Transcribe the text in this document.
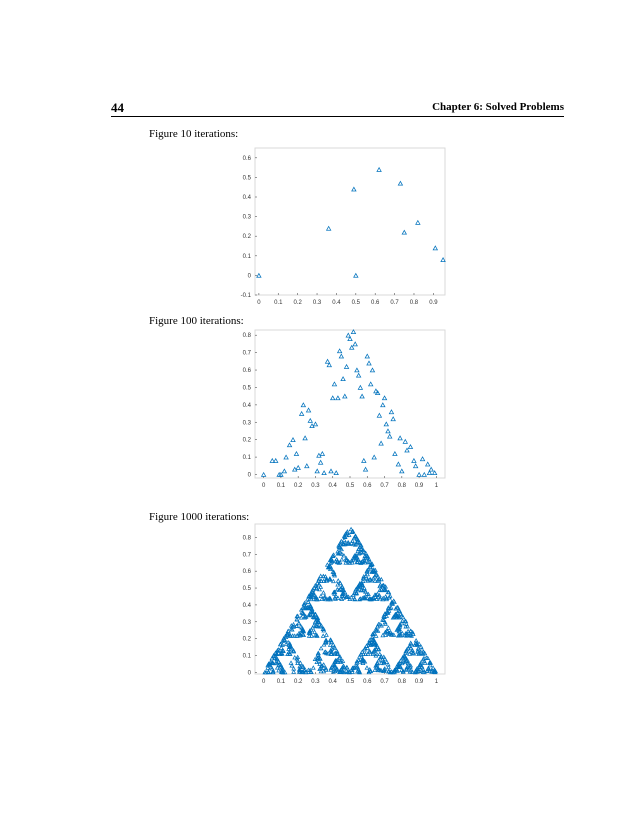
44	Chapter 6: Solved Problems
Figure 10 iterations:
0 0.1 0.2 0.3 0.4 0.5 0.6 0.7 0.8 0.9
-0.1
0
0.1
0.2
0.3
0.4
0.5
0.6
Figure 100 iterations:
0 0.1 0.2 0.3 0.4 0.5 0.6 0.7 0.8 0.9 1
0
0.1
0.2
0.3
0.4
0.5
0.6
0.7
0.8
Figure 1000 iterations:
0 0.1 0.2 0.3 0.4 0.5 0.6 0.7 0.8 0.9 1
0
0.1
0.2
0.3
0.4
0.5
0.6
0.7
0.8
